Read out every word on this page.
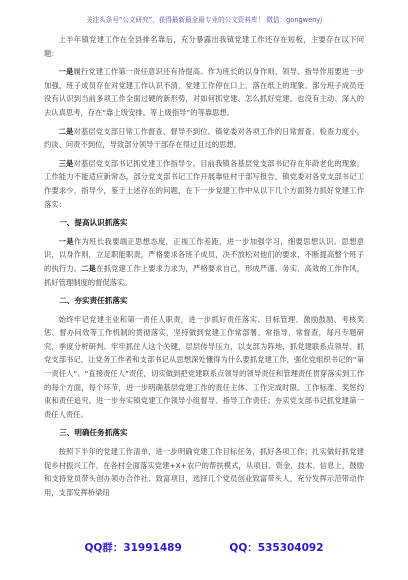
关注头条号“公文研究”，获得最新最全最专业的公文资料库！ 微信：gongwenyj

上半年镇党建工作在全县排名靠后，充分暴露出我镇党建工作还存在短板，主要存在以下问题：

一是履行党建工作第一责任意识还有待提高。作为班长的以身作则、领导、指导作用要进一步加强，班子成员存在对党建工作认识不清，党建工作停在口上，落在纸上的现象。部分班子成员还没有认识到当前多项工作全面过硬的新形势，对如何抓党建、怎么抓好党建，也没有主动、深入的去认真思考，存在“靠上级安排、等上级指导”的等靠思想。

二是对基层党支部日常工作督查、督导不到位。镇党委对各项工作的日常督查、检查力度小，约谈、问责不到位，导致部分领导干部存在得过且过的思想。

三是对基层党支部书记抓党建工作指导少。目前我镇各基层党支部书记存在年龄老化的现象，工作能力不能适应新常态，部分党支部书记工作开展靠驻村干部写报告，镇党委对各党支部书记工作要求少，指导少，鉴于上述存在的问题，在下一步党建工作中从以下几个方面努力抓好党建工作落实：

一、提高认识抓落实

一是作为班长我要端正思想态度，正视工作差距，进一步加强学习，细要思想认识。思想意识，以身作则，立足职能职责，严格要求各班子成员，决不放松对他们的要求，不断提高整个班子的执行力。二是在抓党建工作上要求力求为，严格要求自己，形成严谨、务实、高效的工作作风，抓好管理制度的督促落实。

二、夯实责任抓落实

始终牢记党建主业和第一责任人职责，进一步抓好责任落实、目标管理、激励鼓励、考核奖惩、督办问效等工作机制的贯彻落实，坚持做到党建工作常部署、常指导、常督查，每月专题研究，季度分析研判。牢牢抓住人这个关键，层层传导压力，以支部为阵地，抓党建联系点领导、抓党支部书记，让党务工作者和支部书记从思想深处懂得为什么要抓党建工作，强化党组织书记的“第一责任人”、“直接责任人”责任，切实做到把党建联系点领导的领导责任和管理责任贯穿落实到工作的每个方面，每个环节，进一步明确基层党建工作的责任主体、工作完成时限、工作标准、奖惩约束和责任追究。进一步夯实镇党建工作领导小组督导、指导工作责任；夯实党支部书记抓党建第一责任人责任。

三、明确任务抓落实

按照下半年的党建工作清单，进一步明确党建工作目标任务，抓好各项工作；扎实做好抓党建促乡村振兴工作，在各村全面落实党建+X+农户的帮扶模式，从项目、资金、技术、信息上，鼓励和支持党员带头创办领办合作社、致富项目，选择几个党员创业致富带头人，充分发挥示范带动作用，支部发挥桥梁纽

QQ群：31991489	QQ：535304092
